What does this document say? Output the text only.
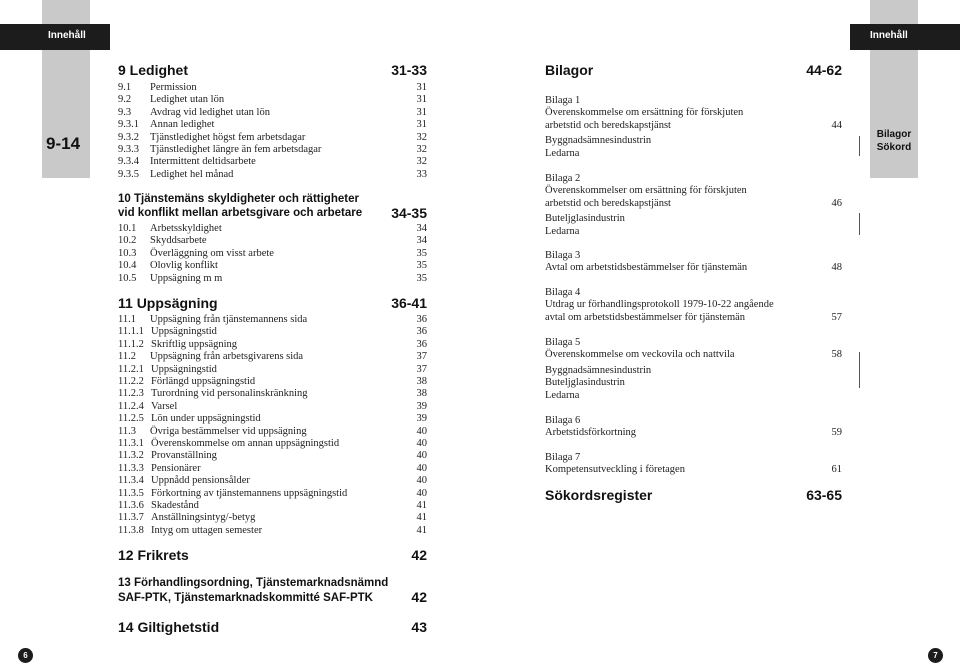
Innehåll	Innehåll
9-14	Bilagor
Sökord
9 Ledighet	31-33
9.1 Permission	31
9.2 Ledighet utan lön	31
9.3 Avdrag vid ledighet utan lön	31
9.3.1 Annan ledighet	31
9.3.2 Tjänstledighet högst fem arbetsdagar	32
9.3.3 Tjänstledighet längre än fem arbetsdagar	32
9.3.4 Intermittent deltidsarbete	32
9.3.5 Ledighet hel månad	33
10 Tjänstemäns skyldigheter och rättigheter
vid konflikt mellan arbetsgivare och arbetare	34-35
10.1 Arbetsskyldighet	34
10.2 Skyddsarbete	34
10.3 Överläggning om visst arbete	35
10.4 Olovlig konflikt	35
10.5 Uppsägning m m	35
11 Uppsägning	36-41
11.1 Uppsägning från tjänstemannens sida	36
11.1.1 Uppsägningstid	36
11.1.2 Skriftlig uppsägning	36
11.2 Uppsägning från arbetsgivarens sida	37
11.2.1 Uppsägningstid	37
11.2.2 Förlängd uppsägningstid	38
11.2.3 Turordning vid personalinskränkning	38
11.2.4 Varsel	39
11.2.5 Lön under uppsägningstid	39
11.3 Övriga bestämmelser vid uppsägning	40
11.3.1 Överenskommelse om annan uppsägningstid	40
11.3.2 Provanställning	40
11.3.3 Pensionärer	40
11.3.4 Uppnådd pensionsålder	40
11.3.5 Förkortning av tjänstemannens uppsägningstid	40
11.3.6 Skadestånd	41
11.3.7 Anställningsintyg/-betyg	41
11.3.8 Intyg om uttagen semester	41
12 Frikrets	42
13 Förhandlingsordning, Tjänstemarknadsnämnd
SAF-PTK, Tjänstemarknadskommitté SAF-PTK	42
14 Giltighetstid	43
Bilagor	44-62
Bilaga 1
Överenskommelse om ersättning för förskjuten
arbetstid och beredskapstjänst	44
Byggnadsämnesindustrin
Ledarna
Bilaga 2
Överenskommelser om ersättning för förskjuten
arbetstid och beredskapstjänst	46
Buteljglasindustrin
Ledarna
Bilaga 3
Avtal om arbetstidsbestämmelser för tjänstemän	48
Bilaga 4
Utdrag ur förhandlingsprotokoll 1979-10-22 angående
avtal om arbetstidsbestämmelser för tjänstemän	57
Bilaga 5
Överenskommelse om veckovila och nattvila	58
Byggnadsämnesindustrin
Buteljglasindustrin
Ledarna
Bilaga 6
Arbetstidsförkortning	59
Bilaga 7
Kompetensutveckling i företagen	61
Sökordsregister	63-65
6	7
